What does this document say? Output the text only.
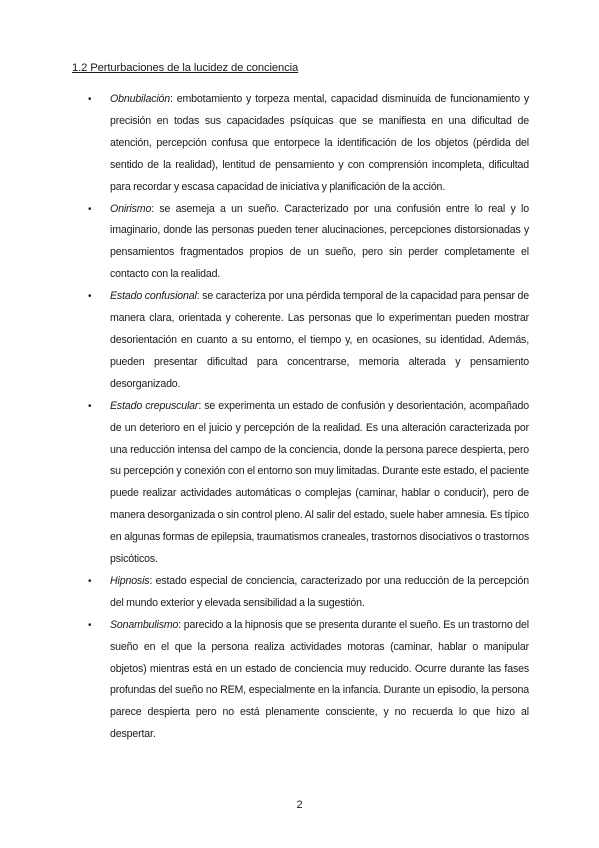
1.2 Perturbaciones de la lucidez de conciencia
• Obnubilación: embotamiento y torpeza mental, capacidad disminuida de funcionamiento y precisión en todas sus capacidades psíquicas que se manifiesta en una dificultad de atención, percepción confusa que entorpece la identificación de los objetos (pérdida del sentido de la realidad), lentitud de pensamiento y con comprensión incompleta, dificultad para recordar y escasa capacidad de iniciativa y planificación de la acción.
• Onirismo: se asemeja a un sueño. Caracterizado por una confusión entre lo real y lo imaginario, donde las personas pueden tener alucinaciones, percepciones distorsionadas y pensamientos fragmentados propios de un sueño, pero sin perder completamente el contacto con la realidad.
• Estado confusional: se caracteriza por una pérdida temporal de la capacidad para pensar de manera clara, orientada y coherente. Las personas que lo experimentan pueden mostrar desorientación en cuanto a su entorno, el tiempo y, en ocasiones, su identidad. Además, pueden presentar dificultad para concentrarse, memoria alterada y pensamiento desorganizado.
• Estado crepuscular: se experimenta un estado de confusión y desorientación, acompañado de un deterioro en el juicio y percepción de la realidad. Es una alteración caracterizada por una reducción intensa del campo de la conciencia, donde la persona parece despierta, pero su percepción y conexión con el entorno son muy limitadas. Durante este estado, el paciente puede realizar actividades automáticas o complejas (caminar, hablar o conducir), pero de manera desorganizada o sin control pleno. Al salir del estado, suele haber amnesia. Es típico en algunas formas de epilepsia, traumatismos craneales, trastornos disociativos o trastornos psicóticos.
• Hipnosis: estado especial de conciencia, caracterizado por una reducción de la percepción del mundo exterior y elevada sensibilidad a la sugestión.
• Sonambulismo: parecido a la hipnosis que se presenta durante el sueño. Es un trastorno del sueño en el que la persona realiza actividades motoras (caminar, hablar o manipular objetos) mientras está en un estado de conciencia muy reducido. Ocurre durante las fases profundas del sueño no REM, especialmente en la infancia. Durante un episodio, la persona parece despierta pero no está plenamente consciente, y no recuerda lo que hizo al despertar.
2
